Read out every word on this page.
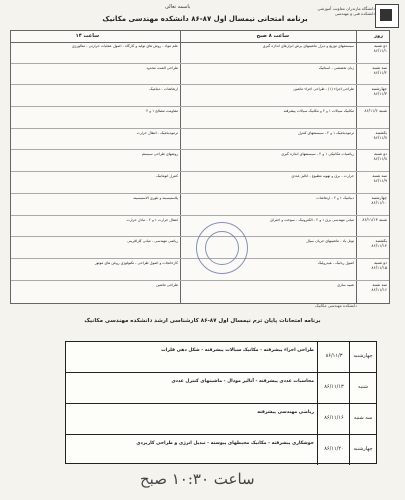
دانشگاه مازندران معاونت آموزشی دانشکده فنی و مهندسی
باسمه تعالی
برنامه امتحانی نیمسال اول ۸۷-۸۶ دانشکده مهندسی مکانیک
روز
ساعت ۸ صبح
ساعت ۱۴
دو شنبه ۸۶/۱۱/۱
سیستمهای توزیع و دیزل ماشینهای برش ابزارهای اندازه گیری
علم مواد - روش های تولید و کارگاه - اصول عملیات حرارتی - متالورژی
سه شنبه ۸۶/۱۱/۲
زبان تخصصی - استاتیک
طراحی المنت محدود
چهارشنبه ۸۶/۱۱/۳
طراحی اجزاء (۱) - طراحی اجزاء ماشین
ارتعاشات - دینامیک
شنبه ۸۶/۱۱/۶
مکانیک سیالات ۱ و ۲ و مکانیک سیالات پیشرفته
مقاومت مصالح ۱ و ۲
یکشنبه ۸۶/۱۱/۷
ترمودینامیک ۱ و ۲ - سیستمهای کنترل
ترمودینامیک - انتقال حرارت
دو شنبه ۸۶/۱۱/۸
ریاضیات مکانیکی ۱ و ۲ - سیستمهای اندازه گیری
روشهای طراحی سیستم
سه شنبه ۸۶/۱۱/۹
حرارت - برق و تهویه مطبوع - آنالیز عددی
کنترل اتوماتیک
چهارشنبه ۸۶/۱۱/۱۰
دینامیک ۱ و ۲ - ارتعاشات
پلاستیسیته و تئوری الاستیسیته
شنبه ۸۶/۱۱/۱۳
مبانی مهندسی برق ۱ و ۲ - الکترونیک - سوخت و احتراق
انتقال حرارت ۱ و ۲ - تبادل حرارت
یکشنبه ۸۶/۱۱/۱۴
تونل باد - ماشینهای جریان سیال
ریاضی مهندسی - مبانی کارآفرینی
دو شنبه ۸۶/۱۱/۱۵
اصول رباتیک - هیدرولیک
کارخانجات و اصول طراحی - تکنولوژی روغن های موتور
سه شنبه ۸۶/۱۱/۱۶
شبیه سازی
طراحی ماشین
دانشکده مهندسی مکانیک
برنامه امتحانات پایان ترم نیمسال اول ۸۷-۸۶ کارشناسی ارشد دانشکده مهندسی مکانیک
چهارشنبه
۸۶/۱۱/۳
طراحی اجزاء پیشرفته - مکانیک سیالات پیشرفته - شکل دهی فلزات
شنبه
۸۶/۱۱/۱۳
محاسبات عددی پیشرفته - آنالیز مودال - ماشینهای کنترل عددی
سه شنبه
۸۶/۱۱/۱۶
ریاضی مهندسی پیشرفته
چهارشنبه
۸۶/۱۱/۲۰
جوشکاری پیشرفته - مکانیک محیطهای پیوسته - تبدیل انرژی و طراحی کاربردی
ساعت ۱۰:۳۰ صبح
